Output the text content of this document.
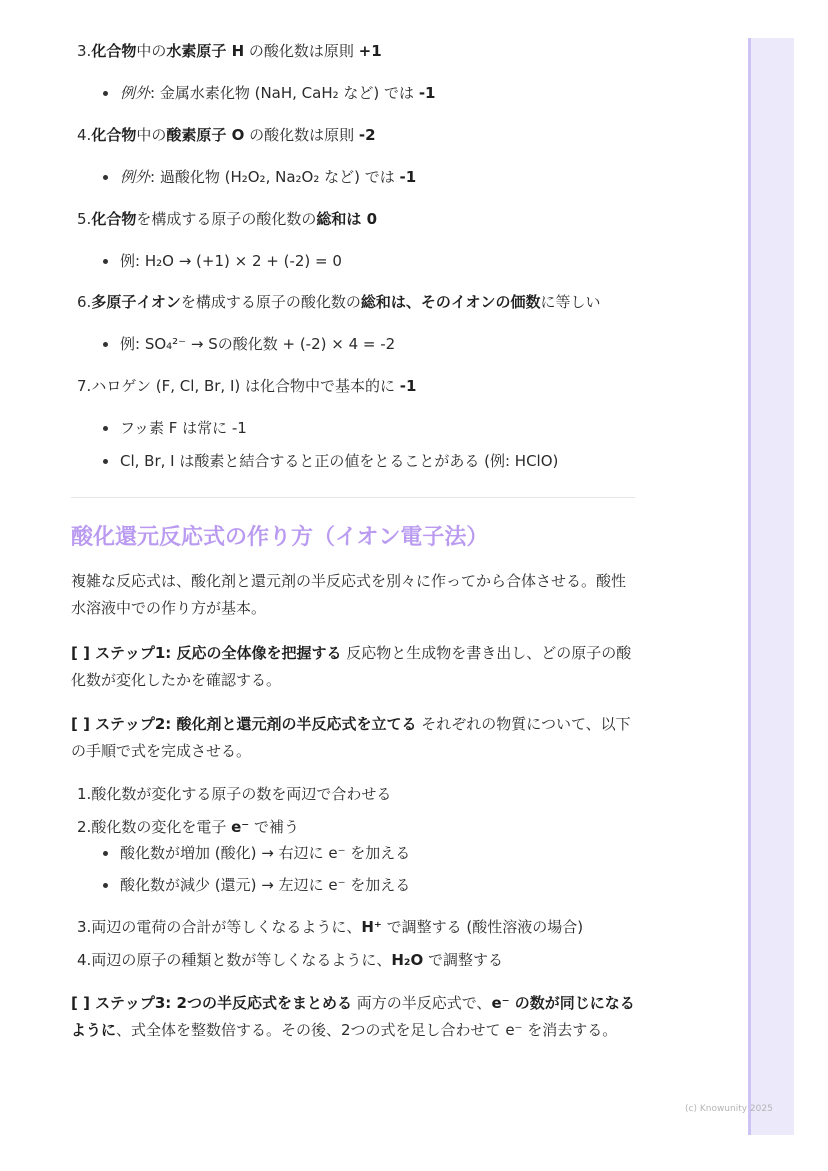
3.化合物中の水素原子 H の酸化数は原則 +1
例外: 金属水素化物 (NaH, CaH₂ など) では -1
4.化合物中の酸素原子 O の酸化数は原則 -2
例外: 過酸化物 (H₂O₂, Na₂O₂ など) では -1
5.化合物を構成する原子の酸化数の総和は 0
例: H₂O → (+1) × 2 + (-2) = 0
6.多原子イオンを構成する原子の酸化数の総和は、そのイオンの価数に等しい
例: SO₄²⁻ → Sの酸化数 + (-2) × 4 = -2
7.ハロゲン (F, Cl, Br, I) は化合物中で基本的に -1
フッ素 F は常に -1
Cl, Br, I は酸素と結合すると正の値をとることがある (例: HClO)
酸化還元反応式の作り方（イオン電子法）
複雑な反応式は、酸化剤と還元剤の半反応式を別々に作ってから合体させる。酸性水溶液中での作り方が基本。
[ ] ステップ1: 反応の全体像を把握する 反応物と生成物を書き出し、どの原子の酸化数が変化したかを確認する。
[ ] ステップ2: 酸化剤と還元剤の半反応式を立てる それぞれの物質について、以下の手順で式を完成させる。
1.酸化数が変化する原子の数を両辺で合わせる
2.酸化数の変化を電子 e⁻ で補う
酸化数が増加 (酸化) → 右辺に e⁻ を加える
酸化数が減少 (還元) → 左辺に e⁻ を加える
3.両辺の電荷の合計が等しくなるように、H⁺ で調整する (酸性溶液の場合)
4.両辺の原子の種類と数が等しくなるように、H₂O で調整する
[ ] ステップ3: 2つの半反応式をまとめる 両方の半反応式で、e⁻ の数が同じになるように、式全体を整数倍する。その後、2つの式を足し合わせて e⁻ を消去する。
(c) Knowunity 2025
